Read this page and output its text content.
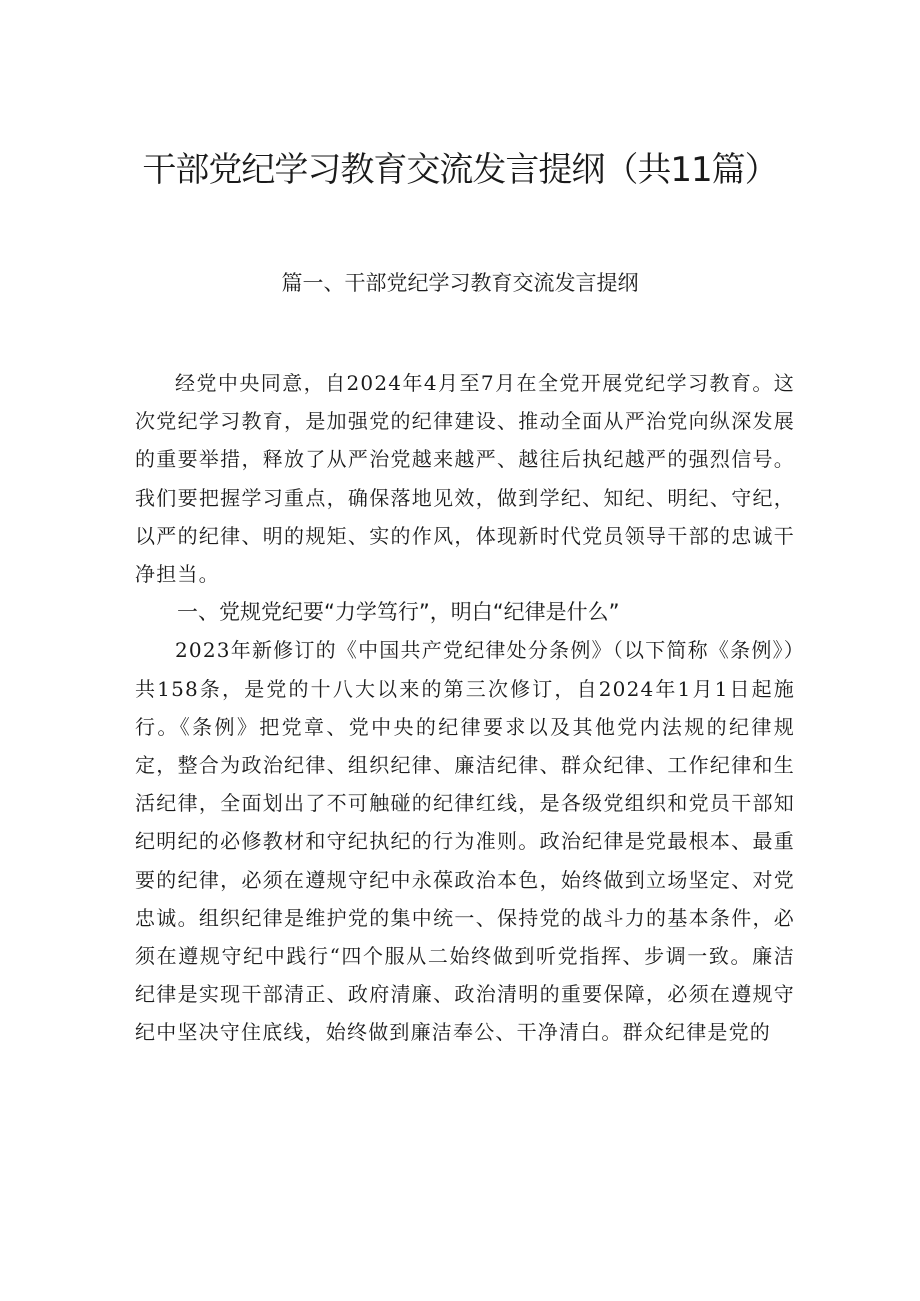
干部党纪学习教育交流发言提纲（共11篇）
篇一、干部党纪学习教育交流发言提纲

经党中央同意，自2024年4月至7月在全党开展党纪学习教育。这次党纪学习教育，是加强党的纪律建设、推动全面从严治党向纵深发展的重要举措，释放了从严治党越来越严、越往后执纪越严的强烈信号。我们要把握学习重点，确保落地见效，做到学纪、知纪、明纪、守纪，以严的纪律、明的规矩、实的作风，体现新时代党员领导干部的忠诚干净担当。

一、党规党纪要“力学笃行”，明白“纪律是什么”

2023年新修订的《中国共产党纪律处分条例》（以下简称《条例》）共158条，是党的十八大以来的第三次修订，自2024年1月1日起施行。《条例》把党章、党中央的纪律要求以及其他党内法规的纪律规定，整合为政治纪律、组织纪律、廉洁纪律、群众纪律、工作纪律和生活纪律，全面划出了不可触碰的纪律红线，是各级党组织和党员干部知纪明纪的必修教材和守纪执纪的行为准则。政治纪律是党最根本、最重要的纪律，必须在遵规守纪中永葆政治本色，始终做到立场坚定、对党忠诚。组织纪律是维护党的集中统一、保持党的战斗力的基本条件，必须在遵规守纪中践行“四个服从二始终做到听党指挥、步调一致。廉洁纪律是实现干部清正、政府清廉、政治清明的重要保障，必须在遵规守纪中坚决守住底线，始终做到廉洁奉公、干净清白。群众纪律是党的
